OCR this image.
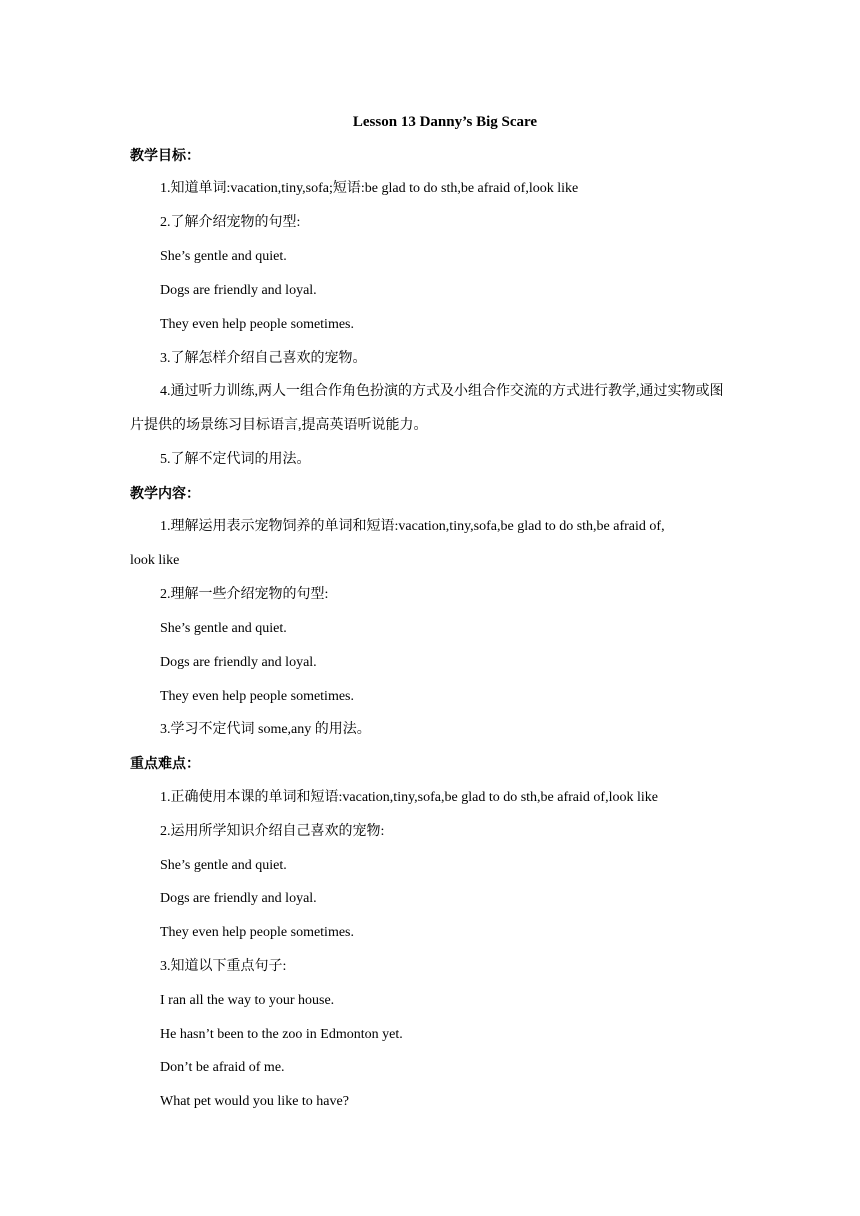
Lesson 13 Danny’s Big Scare
教学目标：
1.知道单词:vacation,tiny,sofa;短语:be glad to do sth,be afraid of,look like
2.了解介绍宠物的句型:
She’s gentle and quiet.
Dogs are friendly and loyal.
They even help people sometimes.
3.了解怎样介绍自己喜欢的宠物。
4.通过听力训练,两人一组合作角色扮演的方式及小组合作交流的方式进行教学,通过实物或图片提供的场景练习目标语言,提高英语听说能力。
5.了解不定代词的用法。
教学内容：
1.理解运用表示宠物饲养的单词和短语:vacation,tiny,sofa,be glad to do sth,be afraid of,
look like
2.理解一些介绍宠物的句型:
She’s gentle and quiet.
Dogs are friendly and loyal.
They even help people sometimes.
3.学习不定代词 some,any 的用法。
重点难点：
1.正确使用本课的单词和短语:vacation,tiny,sofa,be glad to do sth,be afraid of,look like
2.运用所学知识介绍自己喜欢的宠物:
She’s gentle and quiet.
Dogs are friendly and loyal.
They even help people sometimes.
3.知道以下重点句子:
I ran all the way to your house.
He hasn’t been to the zoo in Edmonton yet.
Don’t be afraid of me.
What pet would you like to have?
